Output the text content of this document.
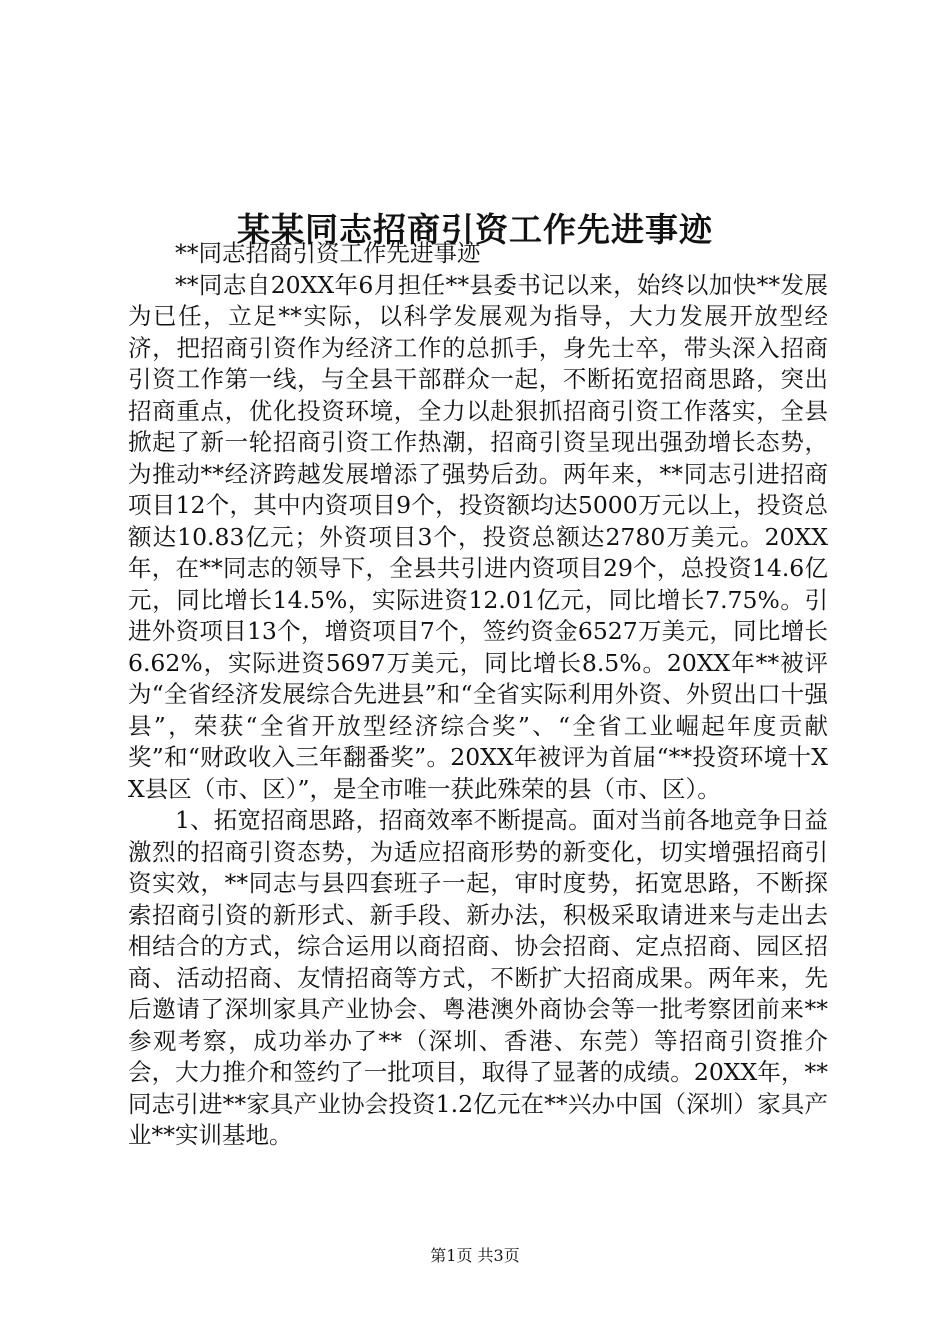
某某同志招商引资工作先进事迹

**同志招商引资工作先进事迹

**同志自20XX年6月担任**县委书记以来，始终以加快**发展为已任，立足**实际，以科学发展观为指导，大力发展开放型经济，把招商引资作为经济工作的总抓手，身先士卒，带头深入招商引资工作第一线，与全县干部群众一起，不断拓宽招商思路，突出招商重点，优化投资环境，全力以赴狠抓招商引资工作落实，全县掀起了新一轮招商引资工作热潮，招商引资呈现出强劲增长态势，为推动**经济跨越发展增添了强势后劲。两年来，**同志引进招商项目12个，其中内资项目9个，投资额均达5000万元以上，投资总额达10.83亿元；外资项目3个，投资总额达2780万美元。20XX年，在**同志的领导下，全县共引进内资项目29个，总投资14.6亿元，同比增长14.5%，实际进资12.01亿元，同比增长7.75%。引进外资项目13个，增资项目7个，签约资金6527万美元，同比增长6.62%，实际进资5697万美元，同比增长8.5%。20XX年**被评为“全省经济发展综合先进县”和“全省实际利用外资、外贸出口十强县”，荣获“全省开放型经济综合奖”、“全省工业崛起年度贡献奖”和“财政收入三年翻番奖”。20XX年被评为首届“**投资环境十XX县区（市、区）”，是全市唯一获此殊荣的县（市、区）。

1、拓宽招商思路，招商效率不断提高。面对当前各地竞争日益激烈的招商引资态势，为适应招商形势的新变化，切实增强招商引资实效，**同志与县四套班子一起，审时度势，拓宽思路，不断探索招商引资的新形式、新手段、新办法，积极采取请进来与走出去相结合的方式，综合运用以商招商、协会招商、定点招商、园区招商、活动招商、友情招商等方式，不断扩大招商成果。两年来，先后邀请了深圳家具产业协会、粤港澳外商协会等一批考察团前来**参观考察，成功举办了**（深圳、香港、东莞）等招商引资推介会，大力推介和签约了一批项目，取得了显著的成绩。20XX年，**同志引进**家具产业协会投资1.2亿元在**兴办中国（深圳）家具产业**实训基地。

第1页 共3页
